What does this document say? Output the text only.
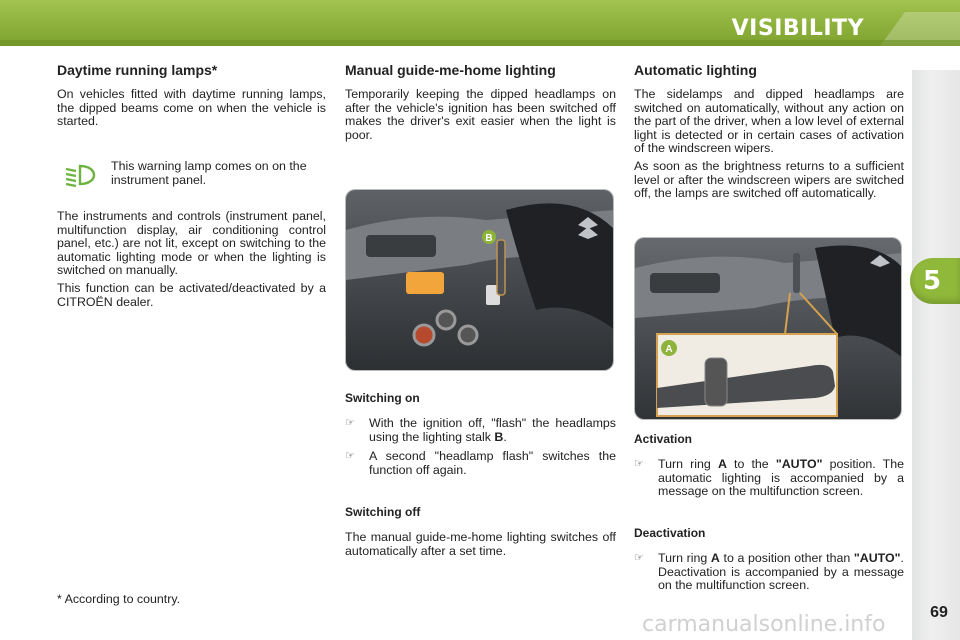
VISIBILITY
5
69
Daytime running lamps*

On vehicles fitted with daytime running lamps, the dipped beams come on when the vehicle is started.

This warning lamp comes on on the instrument panel.

The instruments and controls (instrument panel, multifunction display, air conditioning control panel, etc.) are not lit, except on switching to the automatic lighting mode or when the lighting is switched on manually.

This function can be activated/deactivated by a CITROËN dealer.

* According to country.
Manual guide-me-home lighting

Temporarily keeping the dipped headlamps on after the vehicle's ignition has been switched off makes the driver's exit easier when the light is poor.

B
Switching on
☞	With the ignition off, "flash" the headlamps using the lighting stalk B.
☞	A second "headlamp flash" switches the function off again.
Switching off

The manual guide-me-home lighting switches off automatically after a set time.

Automatic lighting

The sidelamps and dipped headlamps are switched on automatically, without any action on the part of the driver, when a low level of external light is detected or in certain cases of activation of the windscreen wipers.

As soon as the brightness returns to a sufficient level or after the windscreen wipers are switched off, the lamps are switched off automatically.

A
Activation
☞	Turn ring A to the "AUTO" position. The automatic lighting is accompanied by a message on the multifunction screen.
Deactivation
☞	Turn ring A to a position other than "AUTO". Deactivation is accompanied by a message on the multifunction screen.
carmanualsonline.info
